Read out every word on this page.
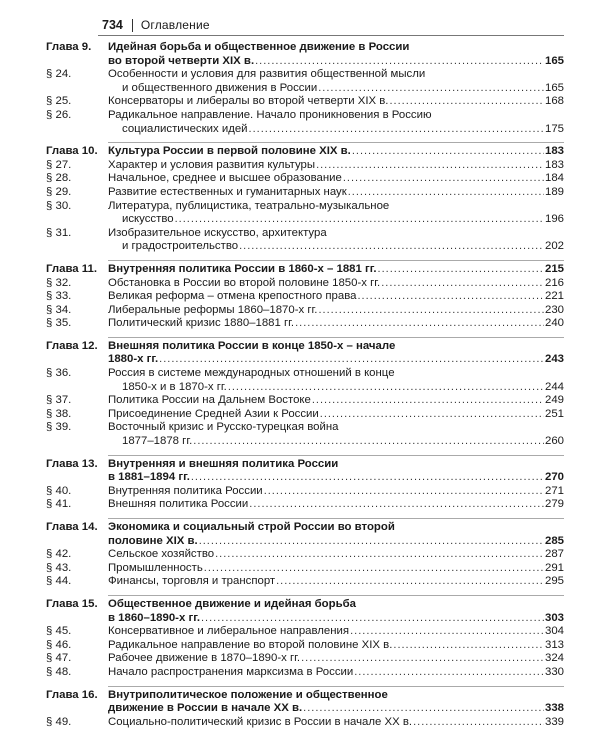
734 Оглавление
Глава 9.	Идейная борьба и общественное движение в России
во второй четверти XIX в. .....	165
§ 24.	Особенности и условия для развития общественной мысли
и общественного движения в России .....	165
§ 25.	Консерваторы и либералы во второй четверти XIX в. .....	168
§ 26.	Радикальное направление. Начало проникновения в Россию
социалистических идей .....	175
Глава 10. Культура России в первой половине XIX в. .....	183
§ 27.	Характер и условия развития культуры .....	183
§ 28.	Начальное, среднее и высшее образование .....	184
§ 29.	Развитие естественных и гуманитарных наук .....	189
§ 30.	Литература, публицистика, театрально-музыкальное
искусство .....	196
§ 31.	Изобразительное искусство, архитектура
и градостроительство .....	202
Глава 11. Внутренняя политика России в 1860-х – 1881 гг. .....	215
§ 32.	Обстановка в России во второй половине 1850-х гг. .....	216
§ 33.	Великая реформа – отмена крепостного права .....	221
§ 34.	Либеральные реформы 1860–1870-х гг. .....	230
§ 35.	Политический кризис 1880–1881 гг. .....	240
Глава 12. Внешняя политика России в конце 1850-х – начале
1880-х гг. .....	243
§ 36.	Россия в системе международных отношений в конце
1850-х и в 1870-х гг. .....	244
§ 37.	Политика России на Дальнем Востоке .....	249
§ 38.	Присоединение Средней Азии к России .....	251
§ 39.	Восточный кризис и Русско-турецкая война
1877–1878 гг. .....	260
Глава 13. Внутренняя и внешняя политика России
в 1881–1894 гг. .....	270
§ 40.	Внутренняя политика России .....	271
§ 41.	Внешняя политика России .....	279
Глава 14. Экономика и социальный строй России во второй
половине XIX в. .....	285
§ 42.	Сельское хозяйство .....	287
§ 43.	Промышленность .....	291
§ 44.	Финансы, торговля и транспорт .....	295
Глава 15. Общественное движение и идейная борьба
в 1860–1890-х гг. .....	303
§ 45.	Консервативное и либеральное направления .....	304
§ 46.	Радикальное направление во второй половине XIX в. .....	313
§ 47.	Рабочее движение в 1870–1890-х гг. .....	324
§ 48.	Начало распространения марксизма в России .....	330
Глава 16. Внутриполитическое положение и общественное
движение в России в начале XX в. .....	338
§ 49.	Социально-политический кризис в России в начале XX в. .....	339
